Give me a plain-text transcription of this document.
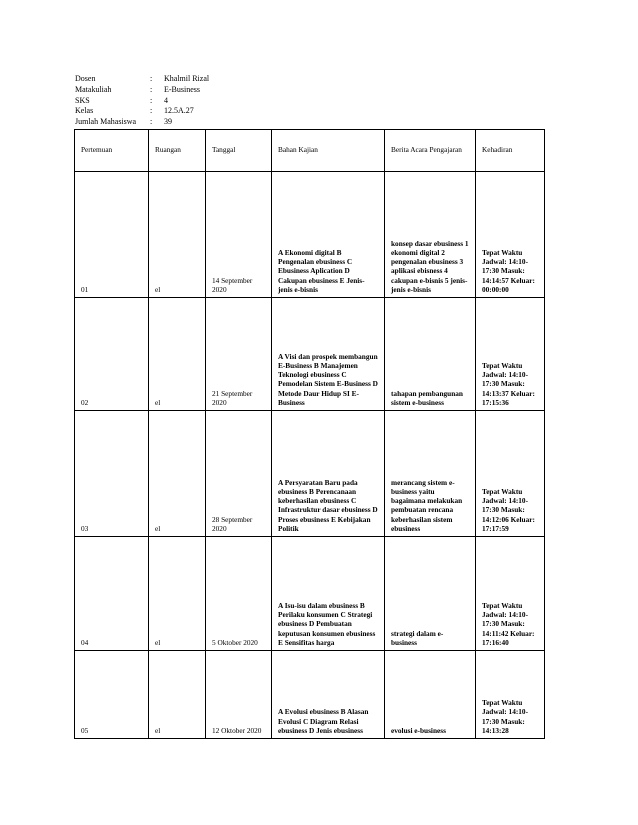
Dosen	:	Khalmil Rizal
Matakuliah	:	E-Business
SKS	:	4
Kelas	:	12.5A.27
Jumlah Mahasiswa	:	39
Pertemuan	Ruangan	Tanggal	Bahan Kajian	Berita Acara Pengajaran	Kehadiran
01	el	14 September 2020	A Ekonomi digital B Pengenalan ebusiness C Ebusiness Aplication D Cakupan ebusiness E Jenis-jenis e-bisnis	konsep dasar ebusiness 1 ekonomi digital 2 pengenalan ebusiness 3 aplikasi ebisness 4 cakupan e-bisnis 5 jenis-jenis e-bisnis	Tepat Waktu Jadwal: 14:10-17:30 Masuk: 14:14:57 Keluar: 00:00:00
02	el	21 September 2020	A Visi dan prospek membangun E-Business B Manajemen Teknologi ebusiness C Pemodelan Sistem E-Business D Metode Daur Hidup SI E-Business	tahapan pembangunan sistem e-business	Tepat Waktu Jadwal: 14:10-17:30 Masuk: 14:13:37 Keluar: 17:15:36
03	el	28 September 2020	A Persyaratan Baru pada ebusiness B Perencanaan keberhasilan ebusiness C Infrastruktur dasar ebusiness D Proses ebusiness E Kebijakan Politik	merancang sistem e-business yaitu bagaimana melakukan pembuatan rencana keberhasilan sistem ebusiness	Tepat Waktu Jadwal: 14:10-17:30 Masuk: 14:12:06 Keluar: 17:17:59
04	el	5 Oktober 2020	A Isu-isu dalam ebusiness B Perilaku konsumen C Strategi ebusiness D Pembuatan keputusan konsumen ebusiness E Sensifitas harga	strategi dalam e-business	Tepat Waktu Jadwal: 14:10-17:30 Masuk: 14:11:42 Keluar: 17:16:40
05	el	12 Oktober 2020	A Evolusi ebusiness B Alasan Evolusi C Diagram Relasi ebusiness D Jenis ebusiness	evolusi e-business	Tepat Waktu Jadwal: 14:10-17:30 Masuk: 14:13:28
